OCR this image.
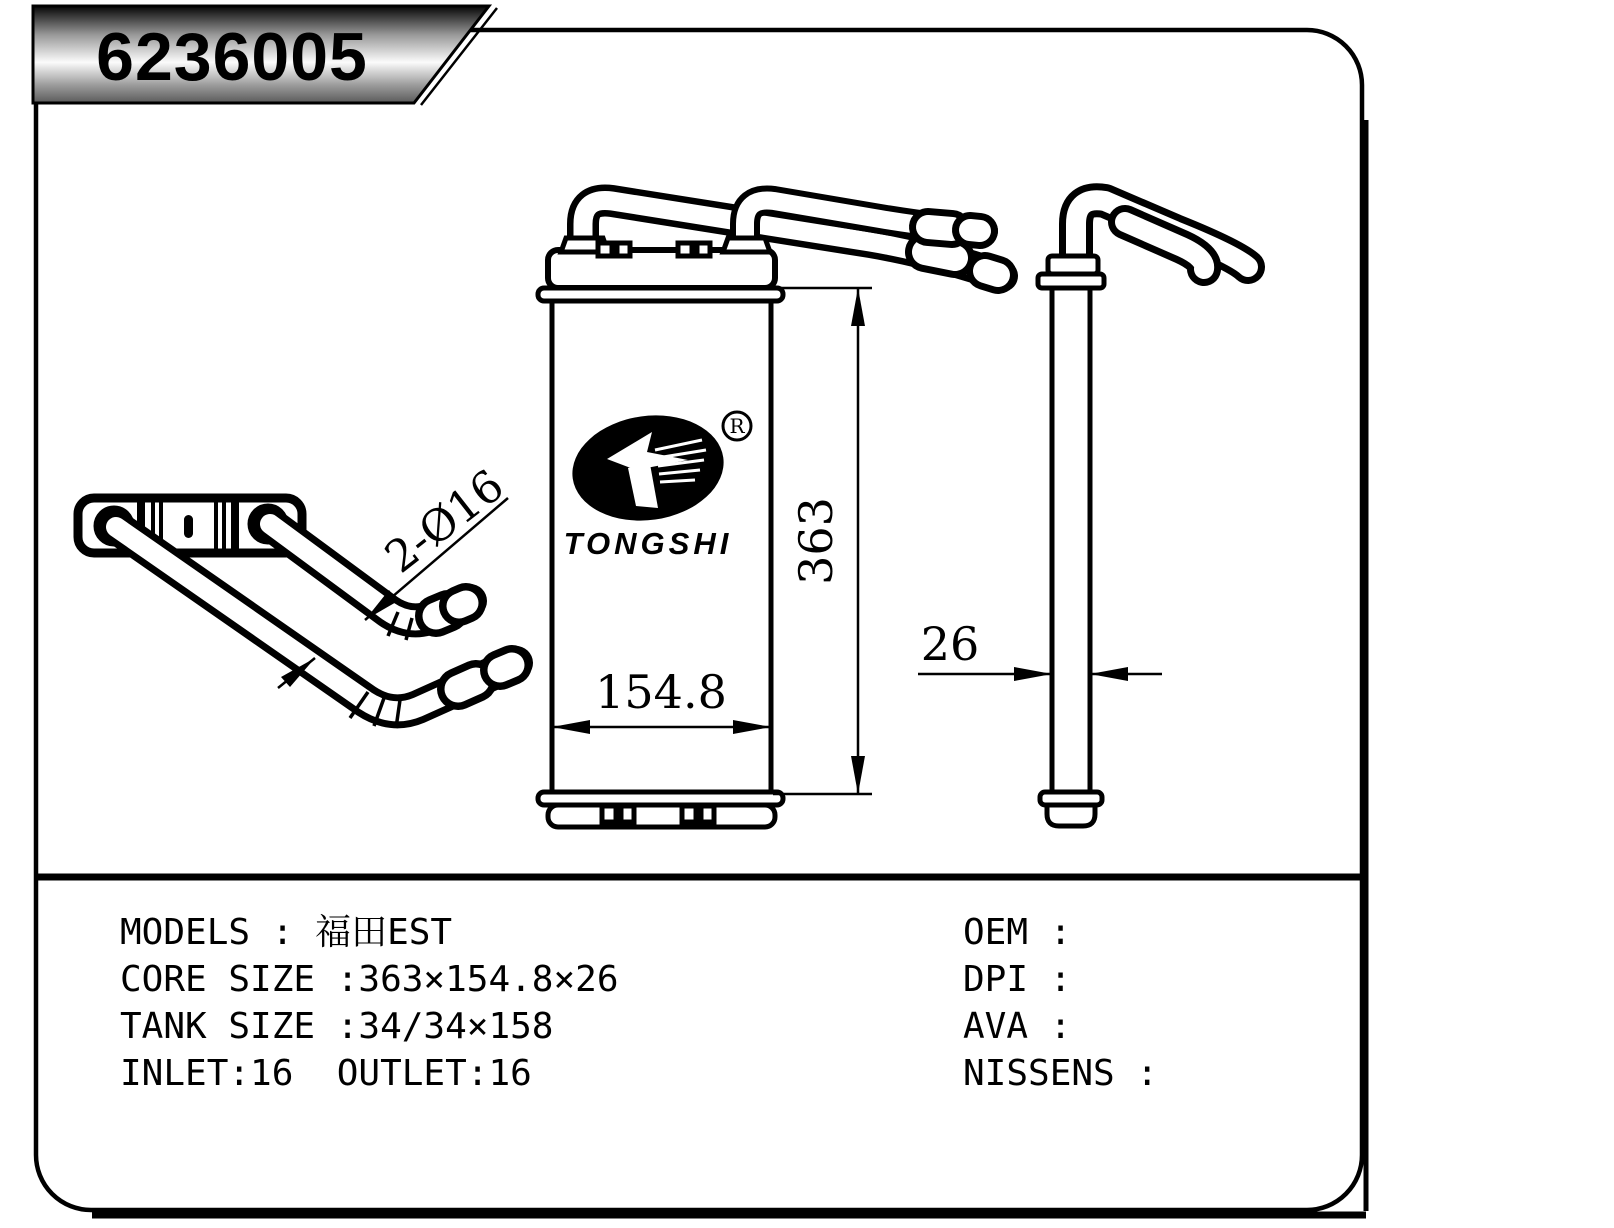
2-Ø16
R
TONGSHI
154.8
363
26
6236005
MODELS : 福田EST
CORE SIZE :363×154.8×26
TANK SIZE :34/34×158
INLET:16  OUTLET:16
OEM :
DPI :
AVA :
NISSENS :
